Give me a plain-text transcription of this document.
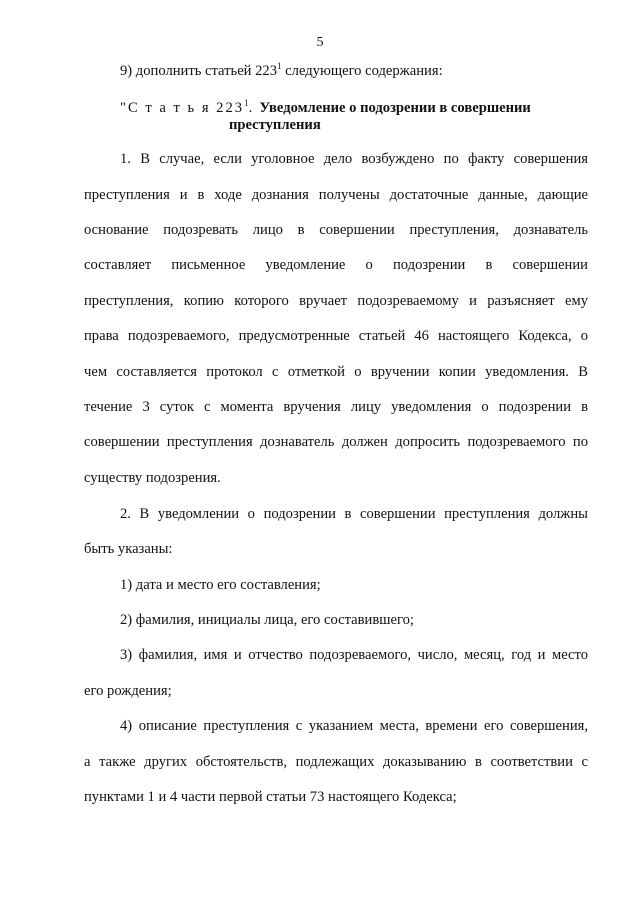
5
9) дополнить статьей $223^1$ следующего содержания:
"С т а т ь я $223^1$. Уведомление о подозрении в совершении
преступления
1. В случае, если уголовное дело возбуждено по факту совершения
преступления и в ходе дознания получены достаточные данные, дающие
основание подозревать лицо в совершении преступления, дознаватель
составляет письменное уведомление о подозрении в совершении
преступления, копию которого вручает подозреваемому и разъясняет ему
права подозреваемого, предусмотренные статьей 46 настоящего Кодекса, о
чем составляется протокол с отметкой о вручении копии уведомления. В
течение 3 суток с момента вручения лицу уведомления о подозрении в
совершении преступления дознаватель должен допросить подозреваемого по
существу подозрения.
2. В уведомлении о подозрении в совершении преступления должны
быть указаны:
1) дата и место его составления;
2) фамилия, инициалы лица, его составившего;
3) фамилия, имя и отчество подозреваемого, число, месяц, год и место
его рождения;
4) описание преступления с указанием места, времени его совершения,
а также других обстоятельств, подлежащих доказыванию в соответствии с
пунктами 1 и 4 части первой статьи 73 настоящего Кодекса;
